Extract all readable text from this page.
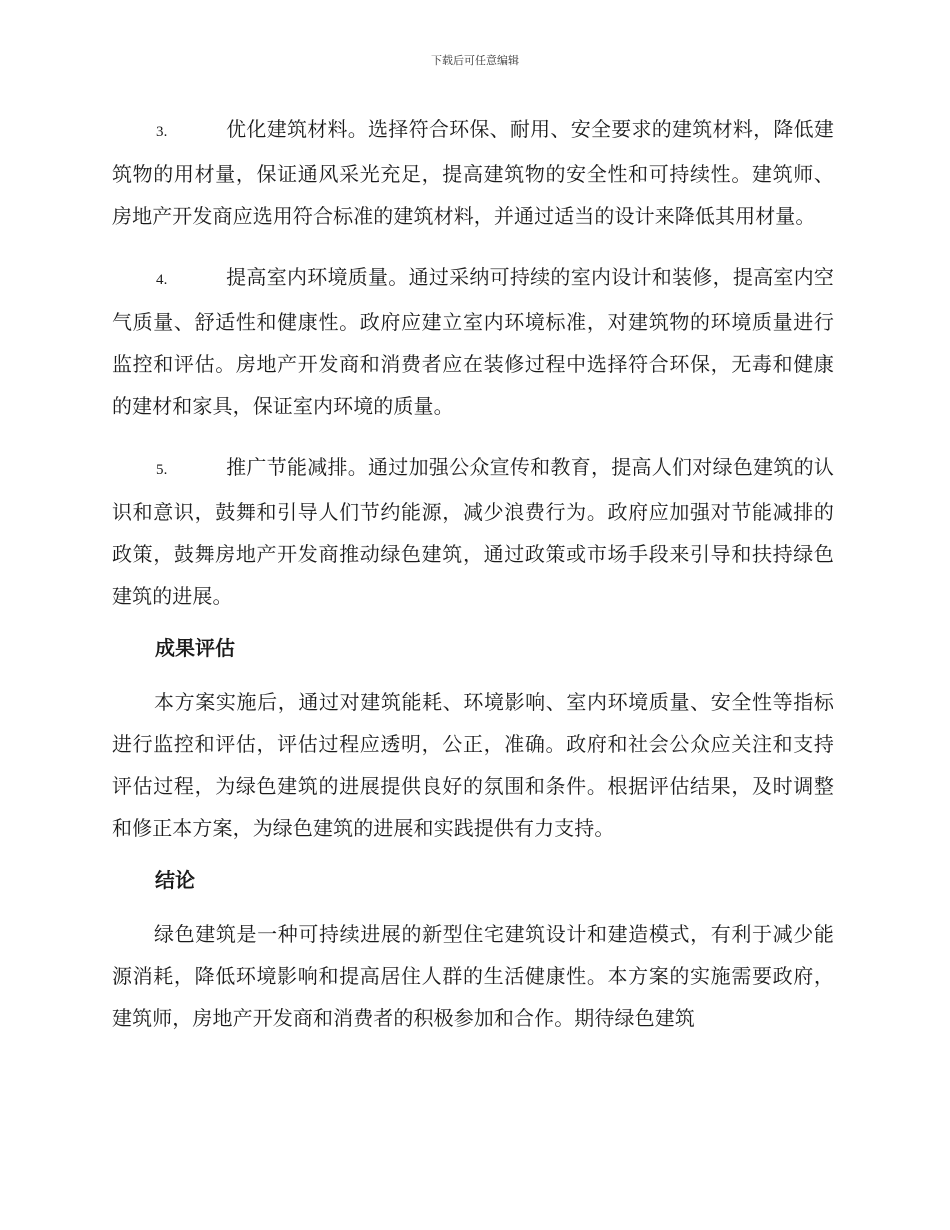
下载后可任意编辑

3.	优化建筑材料。选择符合环保、耐用、安全要求的建筑材料，降低建筑物的用材量，保证通风采光充足，提高建筑物的安全性和可持续性。建筑师、房地产开发商应选用符合标准的建筑材料，并通过适当的设计来降低其用材量。

4.	提高室内环境质量。通过采纳可持续的室内设计和装修，提高室内空气质量、舒适性和健康性。政府应建立室内环境标准，对建筑物的环境质量进行监控和评估。房地产开发商和消费者应在装修过程中选择符合环保，无毒和健康的建材和家具，保证室内环境的质量。

5.	推广节能减排。通过加强公众宣传和教育，提高人们对绿色建筑的认识和意识，鼓舞和引导人们节约能源，减少浪费行为。政府应加强对节能减排的政策，鼓舞房地产开发商推动绿色建筑，通过政策或市场手段来引导和扶持绿色建筑的进展。

成果评估

本方案实施后，通过对建筑能耗、环境影响、室内环境质量、安全性等指标进行监控和评估，评估过程应透明，公正，准确。政府和社会公众应关注和支持评估过程，为绿色建筑的进展提供良好的氛围和条件。根据评估结果，及时调整和修正本方案，为绿色建筑的进展和实践提供有力支持。

结论

绿色建筑是一种可持续进展的新型住宅建筑设计和建造模式，有利于减少能源消耗，降低环境影响和提高居住人群的生活健康性。本方案的实施需要政府，建筑师，房地产开发商和消费者的积极参加和合作。期待绿色建筑
